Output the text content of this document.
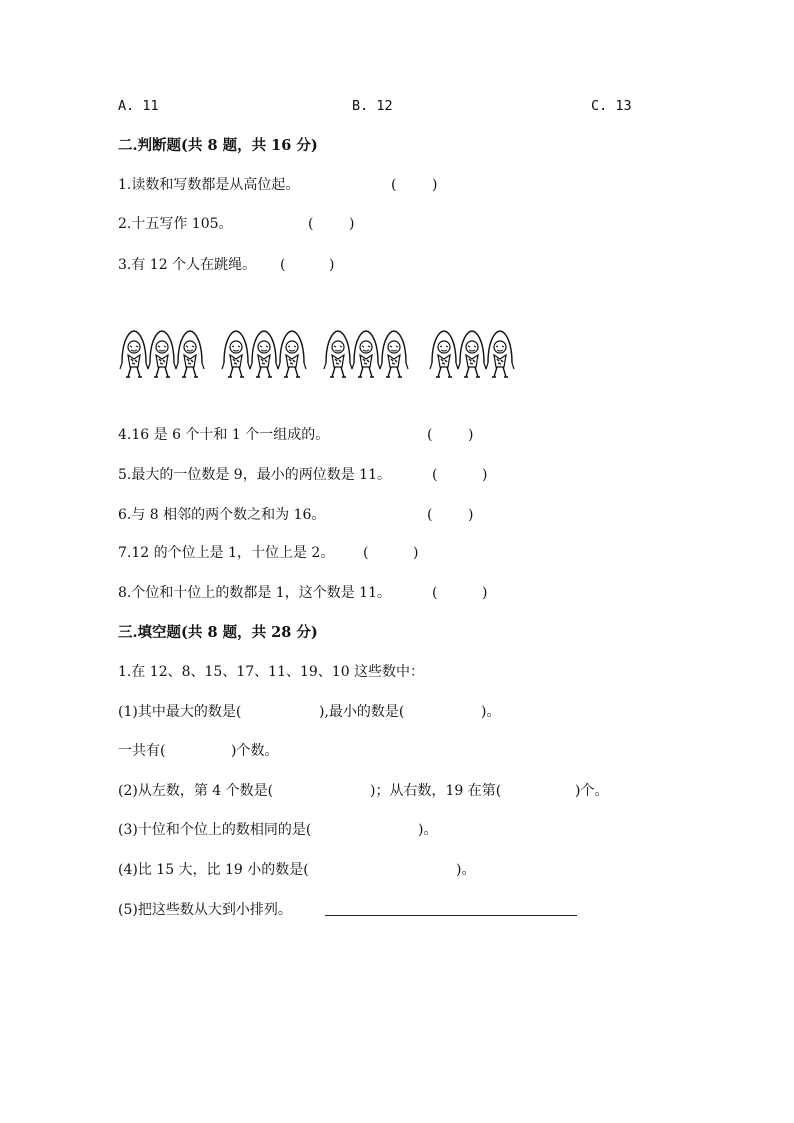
A. 11	B. 12	C. 13
二.判断题(共 8 题，共 16 分)
1.读数和写数都是从高位起。	(	)
2.十五写作 105。	(	)
3.有 12 个人在跳绳。 (	)
4.16 是 6 个十和 1 个一组成的。	(	)
5.最大的一位数是 9，最小的两位数是 11。	(	)
6.与 8 相邻的两个数之和为 16。	(	)
7.12 的个位上是 1，十位上是 2。 (	)
8.个位和十位上的数都是 1，这个数是 11。	(	)
三.填空题(共 8 题，共 28 分)
1.在 12、8、15、17、11、19、10 这些数中：
(1)其中最大的数是(	),最小的数是(	)。
一共有(	)个数。
(2)从左数，第 4 个数是(	)；从右数，19 在第(	)个。
(3)十位和个位上的数相同的是(	)。
(4)比 15 大，比 19 小的数是(	)。
(5)把这些数从大到小排列。
